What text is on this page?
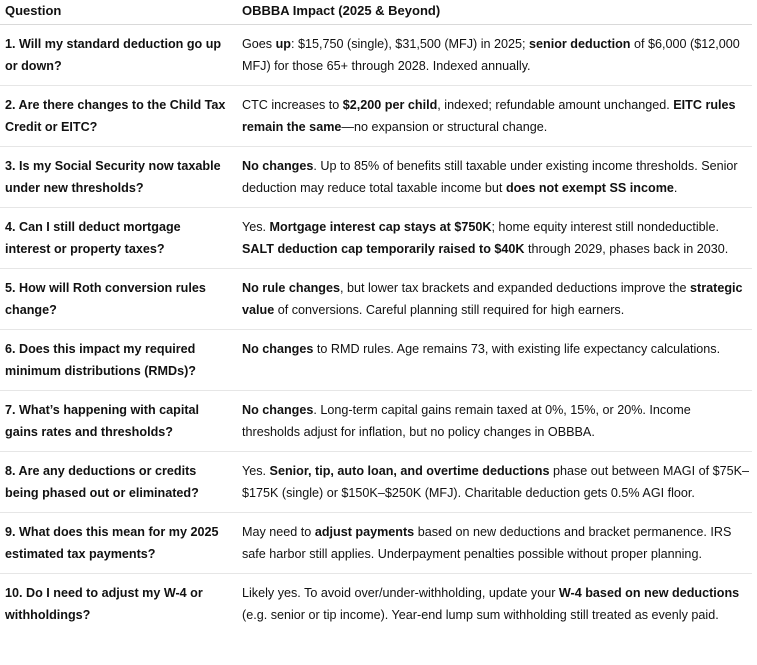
Question	OBBBA Impact (2025 & Beyond)
1. Will my standard deduction go up or down?	Goes up: $15,750 (single), $31,500 (MFJ) in 2025; senior deduction of $6,000 ($12,000 MFJ) for those 65+ through 2028. Indexed annually.
2. Are there changes to the Child Tax Credit or EITC?	CTC increases to $2,200 per child, indexed; refundable amount unchanged. EITC rules remain the same—no expansion or structural change.
3. Is my Social Security now taxable under new thresholds?	No changes. Up to 85% of benefits still taxable under existing income thresholds. Senior deduction may reduce total taxable income but does not exempt SS income.
4. Can I still deduct mortgage interest or property taxes?	Yes. Mortgage interest cap stays at $750K; home equity interest still nondeductible. SALT deduction cap temporarily raised to $40K through 2029, phases back in 2030.
5. How will Roth conversion rules change?	No rule changes, but lower tax brackets and expanded deductions improve the strategic value of conversions. Careful planning still required for high earners.
6. Does this impact my required minimum distributions (RMDs)?	No changes to RMD rules. Age remains 73, with existing life expectancy calculations.
7. What’s happening with capital gains rates and thresholds?	No changes. Long-term capital gains remain taxed at 0%, 15%, or 20%. Income thresholds adjust for inflation, but no policy changes in OBBBA.
8. Are any deductions or credits being phased out or eliminated?	Yes. Senior, tip, auto loan, and overtime deductions phase out between MAGI of $75K–$175K (single) or $150K–$250K (MFJ). Charitable deduction gets 0.5% AGI floor.
9. What does this mean for my 2025 estimated tax payments?	May need to adjust payments based on new deductions and bracket permanence. IRS safe harbor still applies. Underpayment penalties possible without proper planning.
10. Do I need to adjust my W-4 or withholdings?	Likely yes. To avoid over/under-withholding, update your W-4 based on new deductions (e.g. senior or tip income). Year-end lump sum withholding still treated as evenly paid.
